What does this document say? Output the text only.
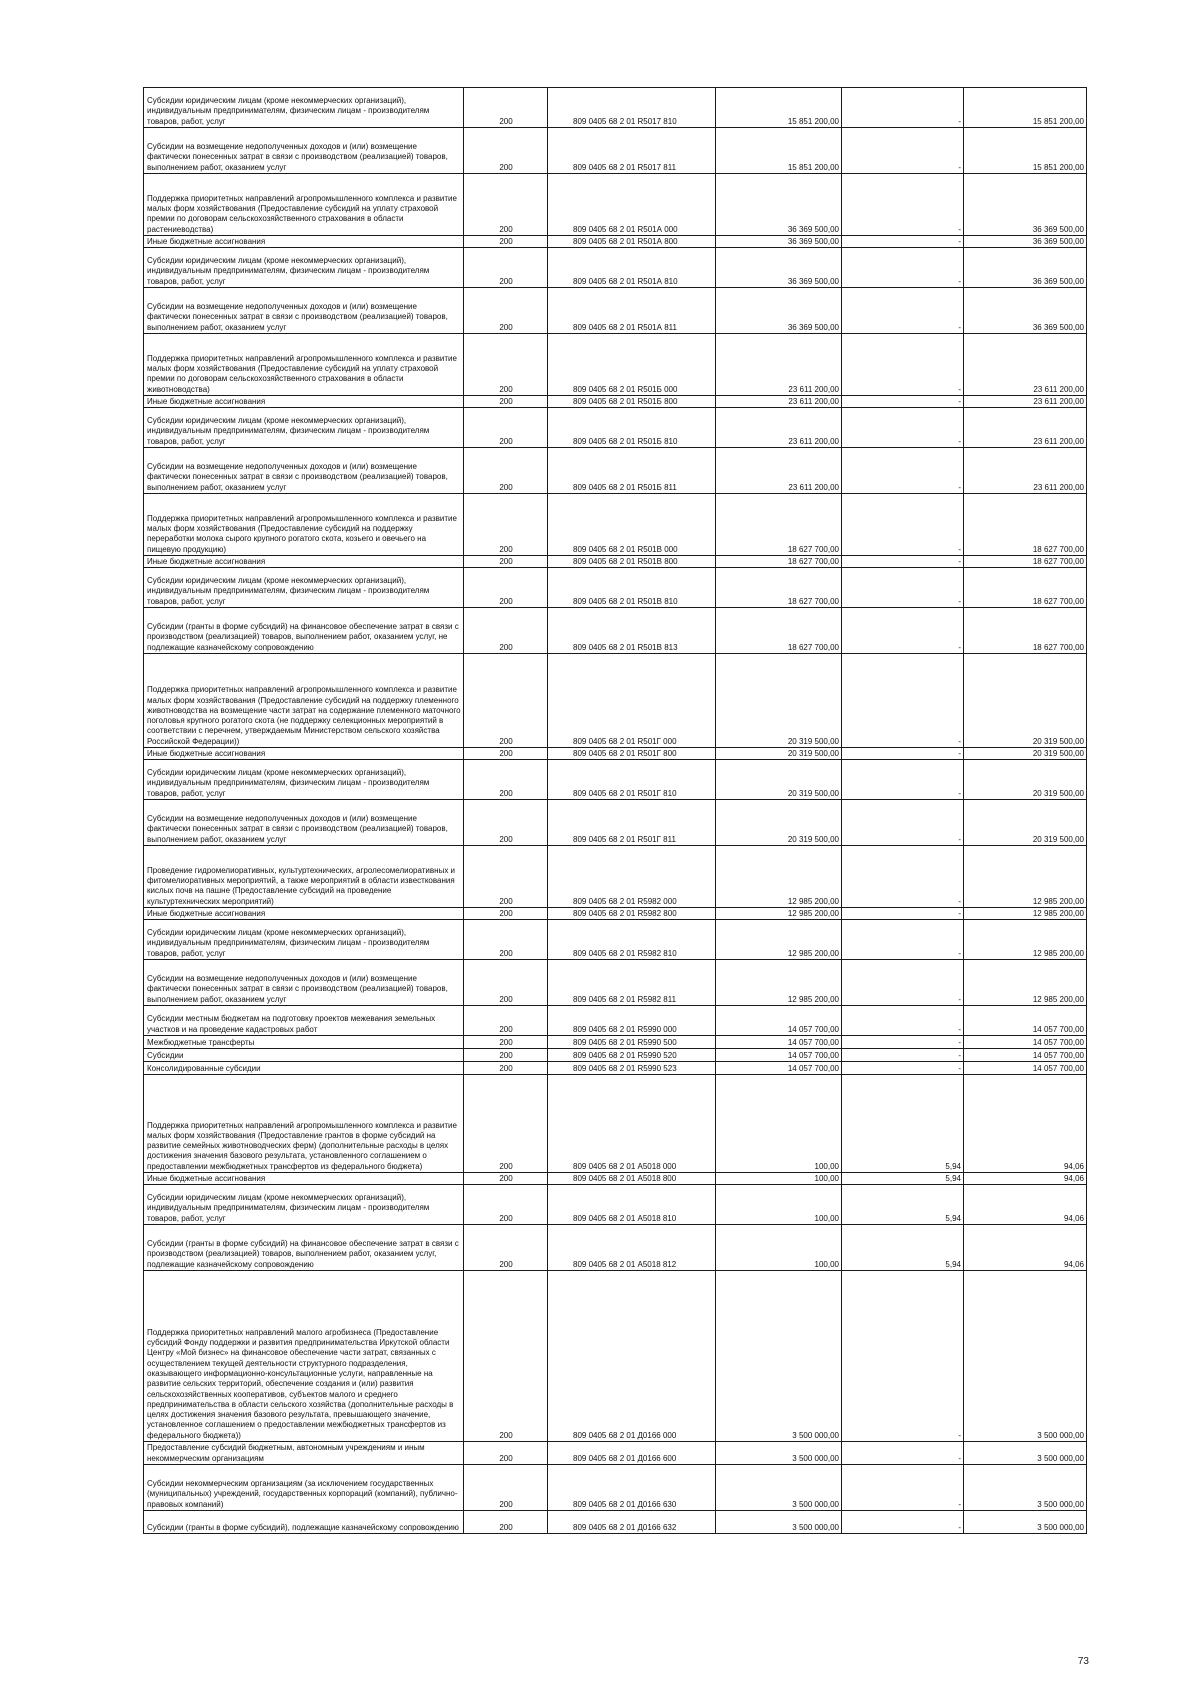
Субсидии юридическим лицам (кроме некоммерческих организаций), индивидуальным предпринимателям, физическим лицам - производителям товаров, работ, услуг	200	809 0405 68 2 01 R5017 810	15 851 200,00	-	15 851 200,00

Субсидии на возмещение недополученных доходов и (или) возмещение фактически понесенных затрат в связи с производством (реализацией) товаров, выполнением работ, оказанием услуг	200	809 0405 68 2 01 R5017 811	15 851 200,00	-	15 851 200,00

Поддержка приоритетных направлений агропромышленного комплекса и развитие малых форм хозяйствования (Предоставление субсидий на уплату страховой премии по договорам сельскохозяйственного страхования в области растениеводства)	200	809 0405 68 2 01 R501А 000	36 369 500,00	-	36 369 500,00

Иные бюджетные ассигнования	200	809 0405 68 2 01 R501А 800	36 369 500,00	-	36 369 500,00

Субсидии юридическим лицам (кроме некоммерческих организаций), индивидуальным предпринимателям, физическим лицам - производителям товаров, работ, услуг	200	809 0405 68 2 01 R501А 810	36 369 500,00	-	36 369 500,00

Субсидии на возмещение недополученных доходов и (или) возмещение фактически понесенных затрат в связи с производством (реализацией) товаров, выполнением работ, оказанием услуг	200	809 0405 68 2 01 R501А 811	36 369 500,00	-	36 369 500,00

Поддержка приоритетных направлений агропромышленного комплекса и развитие малых форм хозяйствования (Предоставление субсидий на уплату страховой премии по договорам сельскохозяйственного страхования в области животноводства)	200	809 0405 68 2 01 R501Б 000	23 611 200,00	-	23 611 200,00

Иные бюджетные ассигнования	200	809 0405 68 2 01 R501Б 800	23 611 200,00	-	23 611 200,00

Субсидии юридическим лицам (кроме некоммерческих организаций), индивидуальным предпринимателям, физическим лицам - производителям товаров, работ, услуг	200	809 0405 68 2 01 R501Б 810	23 611 200,00	-	23 611 200,00

Субсидии на возмещение недополученных доходов и (или) возмещение фактически понесенных затрат в связи с производством (реализацией) товаров, выполнением работ, оказанием услуг	200	809 0405 68 2 01 R501Б 811	23 611 200,00	-	23 611 200,00

Поддержка приоритетных направлений агропромышленного комплекса и развитие малых форм хозяйствования (Предоставление субсидий на поддержку переработки молока сырого крупного рогатого скота, козьего и овечьего на пищевую продукцию)	200	809 0405 68 2 01 R501В 000	18 627 700,00	-	18 627 700,00

Иные бюджетные ассигнования	200	809 0405 68 2 01 R501В 800	18 627 700,00	-	18 627 700,00

Субсидии юридическим лицам (кроме некоммерческих организаций), индивидуальным предпринимателям, физическим лицам - производителям товаров, работ, услуг	200	809 0405 68 2 01 R501В 810	18 627 700,00	-	18 627 700,00

Субсидии (гранты в форме субсидий) на финансовое обеспечение затрат в связи с производством (реализацией) товаров, выполнением работ, оказанием услуг, не подлежащие казначейскому сопровождению	200	809 0405 68 2 01 R501В 813	18 627 700,00	-	18 627 700,00

Поддержка приоритетных направлений агропромышленного комплекса и развитие малых форм хозяйствования (Предоставление субсидий на поддержку племенного животноводства на возмещение части затрат на содержание племенного маточного поголовья крупного рогатого скота (не поддержку селекционных мероприятий в соответствии с перечнем, утверждаемым Министерством сельского хозяйства Российской Федерации))	200	809 0405 68 2 01 R501Г 000	20 319 500,00	-	20 319 500,00

Иные бюджетные ассигнования	200	809 0405 68 2 01 R501Г 800	20 319 500,00	-	20 319 500,00

Субсидии юридическим лицам (кроме некоммерческих организаций), индивидуальным предпринимателям, физическим лицам - производителям товаров, работ, услуг	200	809 0405 68 2 01 R501Г 810	20 319 500,00	-	20 319 500,00

Субсидии на возмещение недополученных доходов и (или) возмещение фактически понесенных затрат в связи с производством (реализацией) товаров, выполнением работ, оказанием услуг	200	809 0405 68 2 01 R501Г 811	20 319 500,00	-	20 319 500,00

Проведение гидромелиоративных, культуртехнических, агролесомелиоративных и фитомелиоративных мероприятий, а также мероприятий в области известкования кислых почв на пашне (Предоставление субсидий на проведение культуртехнических мероприятий)	200	809 0405 68 2 01 R5982 000	12 985 200,00	-	12 985 200,00

Иные бюджетные ассигнования	200	809 0405 68 2 01 R5982 800	12 985 200,00	-	12 985 200,00

Субсидии юридическим лицам (кроме некоммерческих организаций), индивидуальным предпринимателям, физическим лицам - производителям товаров, работ, услуг	200	809 0405 68 2 01 R5982 810	12 985 200,00	-	12 985 200,00

Субсидии на возмещение недополученных доходов и (или) возмещение фактически понесенных затрат в связи с производством (реализацией) товаров, выполнением работ, оказанием услуг	200	809 0405 68 2 01 R5982 811	12 985 200,00	-	12 985 200,00

Субсидии местным бюджетам на подготовку проектов межевания земельных участков и на проведение кадастровых работ	200	809 0405 68 2 01 R5990 000	14 057 700,00	-	14 057 700,00

Межбюджетные трансферты	200	809 0405 68 2 01 R5990 500	14 057 700,00	-	14 057 700,00

Субсидии	200	809 0405 68 2 01 R5990 520	14 057 700,00	-	14 057 700,00

Консолидированные субсидии	200	809 0405 68 2 01 R5990 523	14 057 700,00	-	14 057 700,00

Поддержка приоритетных направлений агропромышленного комплекса и развитие малых форм хозяйствования (Предоставление грантов в форме субсидий на развитие семейных животноводческих ферм) (дополнительные расходы в целях достижения значения базового результата, установленного соглашением о предоставлении межбюджетных трансфертов из федерального бюджета)	200	809 0405 68 2 01 А5018 000	100,00	5,94	94,06

Иные бюджетные ассигнования	200	809 0405 68 2 01 А5018 800	100,00	5,94	94,06

Субсидии юридическим лицам (кроме некоммерческих организаций), индивидуальным предпринимателям, физическим лицам - производителям товаров, работ, услуг	200	809 0405 68 2 01 А5018 810	100,00	5,94	94,06

Субсидии (гранты в форме субсидий) на финансовое обеспечение затрат в связи с производством (реализацией) товаров, выполнением работ, оказанием услуг, подлежащие казначейскому сопровождению	200	809 0405 68 2 01 А5018 812	100,00	5,94	94,06

Поддержка приоритетных направлений малого агробизнеса (Предоставление субсидий Фонду поддержки и развития предпринимательства Иркутской области Центру «Мой бизнес» на финансовое обеспечение части затрат, связанных с осуществлением текущей деятельности структурного подразделения, оказывающего информационно-консультационные услуги, направленные на развитие сельских территорий, обеспечение создания и (или) развития сельскохозяйственных кооперативов, субъектов малого и среднего предпринимательства в области сельского хозяйства (дополнительные расходы в целях достижения значения базового результата, превышающего значение, установленное соглашением о предоставлении межбюджетных трансфертов из федерального бюджета))	200	809 0405 68 2 01 Д0166 000	3 500 000,00	-	3 500 000,00

Предоставление субсидий бюджетным, автономным учреждениям и иным некоммерческим организациям	200	809 0405 68 2 01 Д0166 600	3 500 000,00	-	3 500 000,00

Субсидии некоммерческим организациям (за исключением государственных (муниципальных) учреждений, государственных корпораций (компаний), публично-правовых компаний)	200	809 0405 68 2 01 Д0166 630	3 500 000,00	-	3 500 000,00

Субсидии (гранты в форме субсидий), подлежащие казначейскому сопровождению	200	809 0405 68 2 01 Д0166 632	3 500 000,00	-	3 500 000,00
73
